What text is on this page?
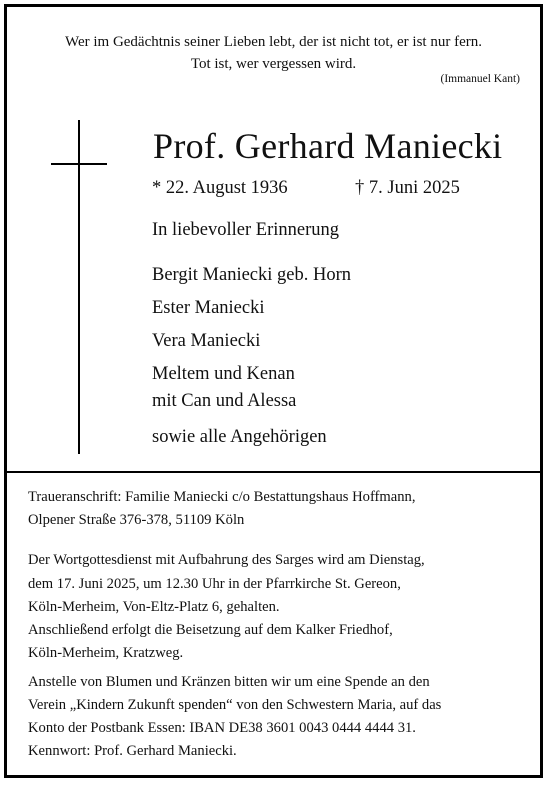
Wer im Gedächtnis seiner Lieben lebt, der ist nicht tot, er ist nur fern.
Tot ist, wer vergessen wird.
(Immanuel Kant)
Prof. Gerhard Maniecki
* 22. August 1936	† 7. Juni 2025
In liebevoller Erinnerung
Bergit Maniecki geb. Horn
Ester Maniecki
Vera Maniecki
Meltem und Kenan
mit Can und Alessa
sowie alle Angehörigen
Traueranschrift: Familie Maniecki c/o Bestattungshaus Hoffmann,
Olpener Straße 376-378, 51109 Köln
Der Wortgottesdienst mit Aufbahrung des Sarges wird am Dienstag,
dem 17. Juni 2025, um 12.30 Uhr in der Pfarrkirche St. Gereon,
Köln-Merheim, Von-Eltz-Platz 6, gehalten.
Anschließend erfolgt die Beisetzung auf dem Kalker Friedhof,
Köln-Merheim, Kratzweg.
Anstelle von Blumen und Kränzen bitten wir um eine Spende an den
Verein „Kindern Zukunft spenden“ von den Schwestern Maria, auf das
Konto der Postbank Essen: IBAN DE38 3601 0043 0444 4444 31.
Kennwort: Prof. Gerhard Maniecki.
